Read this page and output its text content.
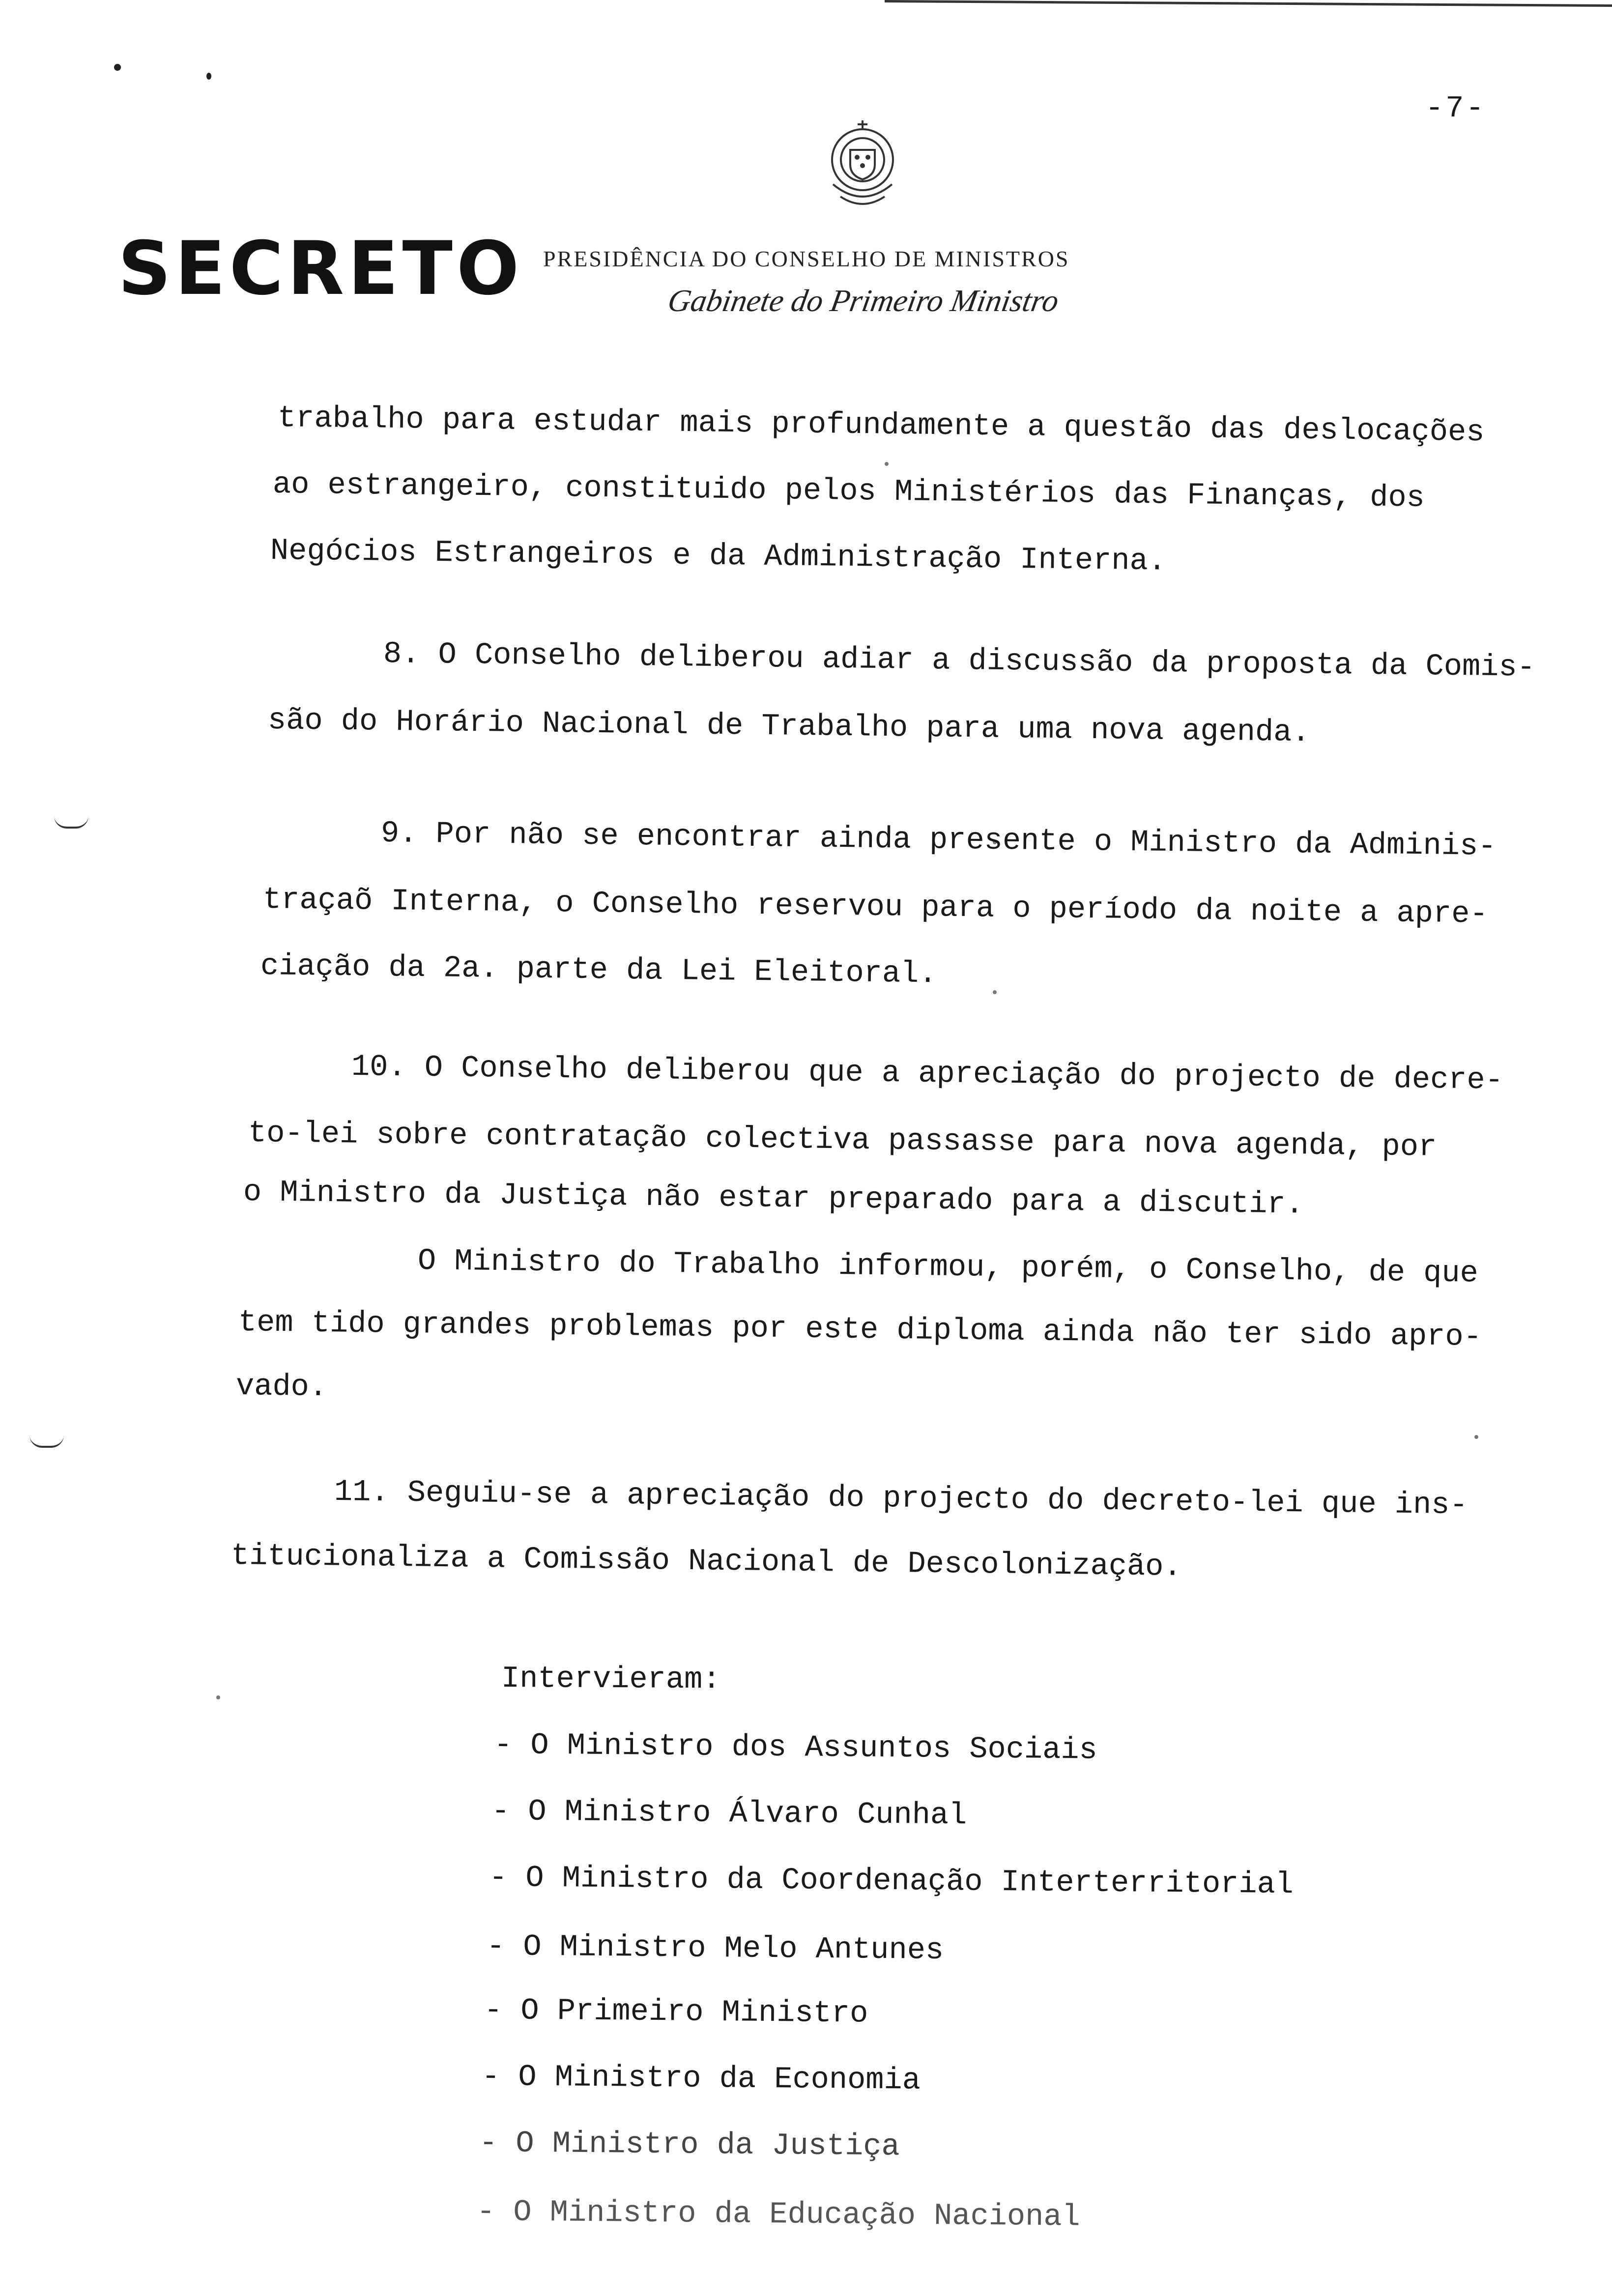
-7-
SECRETO PRESIDÊNCIA DO CONSELHO DE MINISTROS
Gabinete do Primeiro Ministro
trabalho para estudar mais profundamente a questão das deslocações
ao estrangeiro, constituido pelos Ministérios das Finanças, dos
Negócios Estrangeiros e da Administração Interna.
8. O Conselho deliberou adiar a discussão da proposta da Comis-
são do Horário Nacional de Trabalho para uma nova agenda.
9. Por não se encontrar ainda presente o Ministro da Adminis-
traçaõ Interna, o Conselho reservou para o período da noite a apre-
ciação da 2a. parte da Lei Eleitoral.
10. O Conselho deliberou que a apreciação do projecto de decre-
to-lei sobre contratação colectiva passasse para nova agenda, por
o Ministro da Justiça não estar preparado para a discutir.
O Ministro do Trabalho informou, porém, o Conselho, de que
tem tido grandes problemas por este diploma ainda não ter sido apro-
vado.
11. Seguiu-se a apreciação do projecto do decreto-lei que ins-
titucionaliza a Comissão Nacional de Descolonização.
Intervieram:
- O Ministro dos Assuntos Sociais
- O Ministro Álvaro Cunhal
- O Ministro da Coordenação Interterritorial
- O Ministro Melo Antunes
- O Primeiro Ministro
- O Ministro da Economia
- O Ministro da Justiça
- O Ministro da Educação Nacional
